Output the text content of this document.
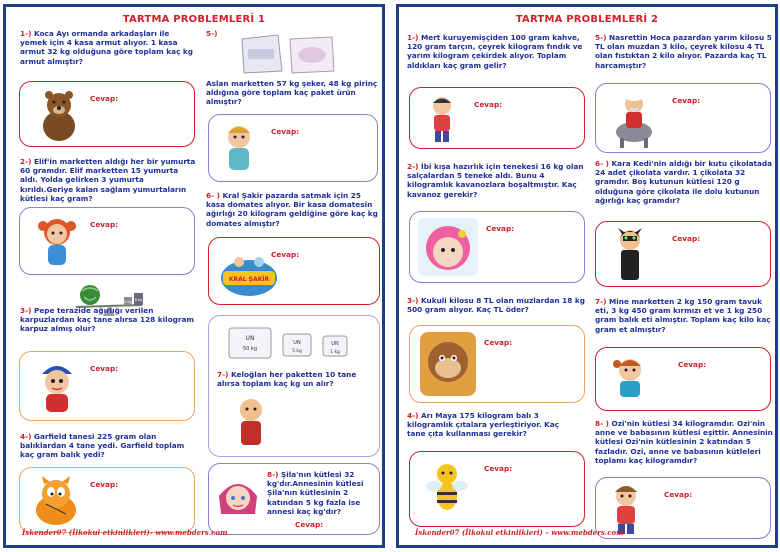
TARTMA PROBLEMLERİ 1
1-) Koca Ayı ormanda arkadaşları ile yemek için 4 kasa armut alıyor. 1 kasa armut 32 kg olduğuna göre toplam kaç kg armut almıştır?
Cevap:
2-) Elif'in marketten aldığı her bir yumurta 60 gramdır. Elif marketten 15 yumurta aldı. Yolda gelirken 3 yumurta kırıldı.Geriye kalan sağlam yumurtaların kütlesi kaç gram?
Cevap:
4 kg 8 kg
3-) Pepe terazide ağırlığı verilen karpuzlardan kaç tane alırsa 128 kilogram karpuz almış olur?
Cevap:
4-) Garfield tanesi 225 gram olan balıklardan 4 tane yedi. Garfield toplam kaç gram balık yedi?
Cevap:
5-)
Aslan marketten 57 kg şeker, 48 kg pirinç aldığına göre toplam kaç paket ürün almıştır?
Cevap:
6- ) Kral Şakir pazarda satmak için 25 kasa domates alıyor. Bir kasa domatesin ağırlığı 20 kilogram geldiğine göre kaç kg domates almıştır?
Cevap:
KRAL ŞAKİR
UN
50 kg
UN
5 kg
UN
1 kg
7-) Keloğlan her paketten 10 tane alırsa toplam kaç kg un alır?
8-) Şila'nın kütlesi 32 kg'dır.Annesinin kütlesi Şila'nın kütlesinin 2 katından 5 kg fazla ise annesi kaç kg'dır?
Cevap:
İskender07 (İlkokul etkinlikleri)- www.mebders.com
TARTMA PROBLEMLERİ 2
1-) Mert kuruyemişçiden 100 gram kahve, 120 gram tarçın, çeyrek kilogram fındık ve yarım kilogram çekirdek alıyor. Toplam aldıkları kaç gram gelir?
Cevap:
2-) İbi kışa hazırlık için tenekesi 16 kg olan salçalardan 5 teneke aldı. Bunu 4 kilogramlık kavanozlara boşaltmıştır. Kaç kavanoz gerekir?
Cevap:
3-) Kukuli kilosu 8 TL olan muzlardan 18 kg 500 gram alıyor. Kaç TL öder?
Cevap:
4-) Arı Maya 175 kilogram balı 3 kilogramlık çıtalara yerleştiriyor. Kaç tane çıta kullanması gerekir?
Cevap:
5-) Nasrettin Hoca pazardan yarım kilosu 5 TL olan muzdan 3 kilo, çeyrek kilosu 4 TL olan fıstıktan 2 kilo alıyor. Pazarda kaç TL harcamıştır?
Cevap:
6- ) Kara Kedi'nin aldığı bir kutu çikolatada 24 adet çikolata vardır. 1 çikolata 32 gramdır. Boş kutunun kütlesi 120 g olduğuna göre çikolata ile dolu kutunun ağırlığı kaç gramdır?
Cevap:
7-) Mine marketten 2 kg 150 gram tavuk eti, 3 kg 450 gram kırmızı et ve 1 kg 250 gram balık eti almıştır. Toplam kaç kilo kaç gram et almıştır?
Cevap:
8- ) Ozi'nin kütlesi 34 kilogramdır. Ozi'nin anne ve babasının kütlesi eşittir. Annesinin kütlesi Ozi'nin kütlesinin 2 katından 5 fazladır. Ozi, anne ve babasının kütleleri toplamı kaç kilogramdır?
Cevap:
İskender07 (İlkokul etkinlikleri) – www.mebders.com
